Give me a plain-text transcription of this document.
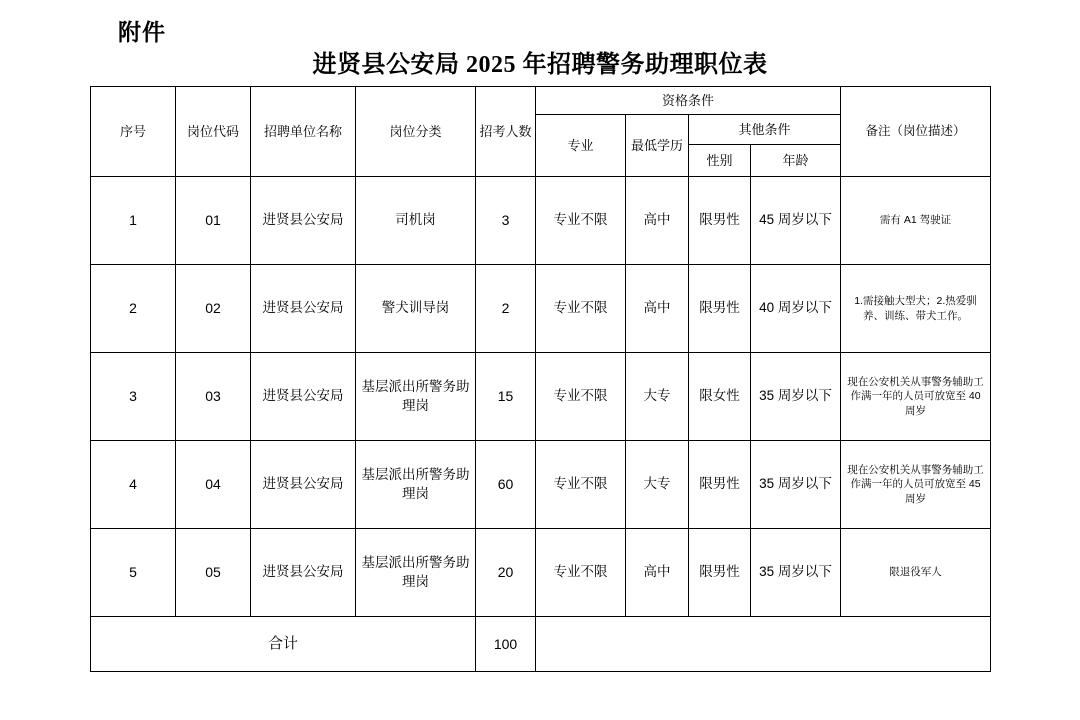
附件
进贤县公安局 2025 年招聘警务助理职位表
序号	岗位代码	招聘单位名称	岗位分类	招考人数	资格条件				备注（岗位描述）
					专业	最低学历	其他条件		
							性别	年龄	
1	01	进贤县公安局	司机岗	3	专业不限	高中	限男性	45 周岁以下	需有 A1 驾驶证
2	02	进贤县公安局	警犬训导岗	2	专业不限	高中	限男性	40 周岁以下	1.需接触大型犬；2.热爱驯养、训练、带犬工作。
3	03	进贤县公安局	基层派出所警务助理岗	15	专业不限	大专	限女性	35 周岁以下	现在公安机关从事警务辅助工作满一年的人员可放宽至 40 周岁
4	04	进贤县公安局	基层派出所警务助理岗	60	专业不限	大专	限男性	35 周岁以下	现在公安机关从事警务辅助工作满一年的人员可放宽至 45 周岁
5	05	进贤县公安局	基层派出所警务助理岗	20	专业不限	高中	限男性	35 周岁以下	限退役军人
合计				100					
